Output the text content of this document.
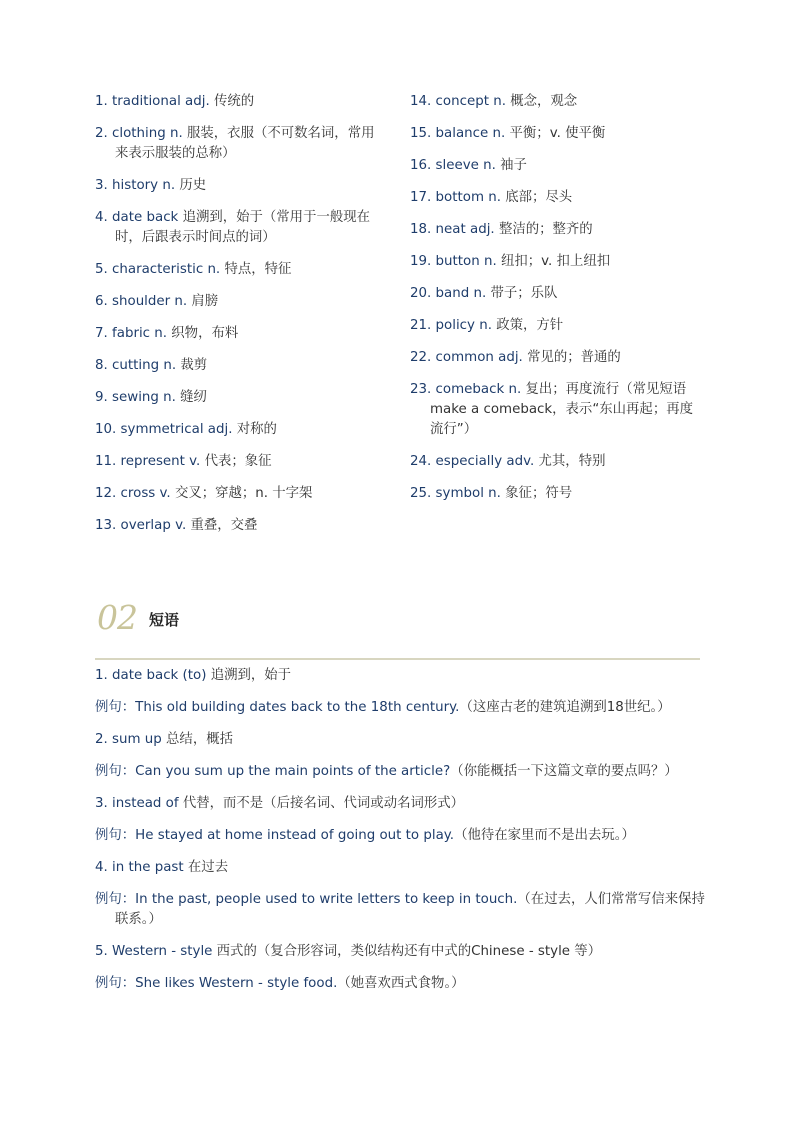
1. traditional adj. 传统的
2. clothing n. 服装，衣服（不可数名词，常用来表示服装的总称）
3. history n. 历史
4. date back 追溯到，始于（常用于一般现在时，后跟表示时间点的词）
5. characteristic n. 特点，特征
6. shoulder n. 肩膀
7. fabric n. 织物，布料
8. cutting n. 裁剪
9. sewing n. 缝纫
10. symmetrical adj. 对称的
11. represent v. 代表；象征
12. cross v. 交叉；穿越；n. 十字架
13. overlap v. 重叠，交叠
14. concept n. 概念，观念
15. balance n. 平衡；v. 使平衡
16. sleeve n. 袖子
17. bottom n. 底部；尽头
18. neat adj. 整洁的；整齐的
19. button n. 纽扣；v. 扣上纽扣
20. band n. 带子；乐队
21. policy n. 政策，方针
22. common adj. 常见的；普通的
23. comeback n. 复出；再度流行（常见短语 make a comeback，表示“东山再起；再度流行”）
24. especially adv. 尤其，特别
25. symbol n. 象征；符号
02 短语
1. date back (to) 追溯到，始于
例句：This old building dates back to the 18th century.（这座古老的建筑追溯到18世纪。）
2. sum up 总结，概括
例句：Can you sum up the main points of the article?（你能概括一下这篇文章的要点吗？）
3. instead of 代替，而不是（后接名词、代词或动名词形式）
例句：He stayed at home instead of going out to play.（他待在家里而不是出去玩。）
4. in the past 在过去
例句：In the past, people used to write letters to keep in touch.（在过去，人们常常写信来保持联系。）
5. Western - style 西式的（复合形容词，类似结构还有中式的Chinese - style 等）
例句：She likes Western - style food.（她喜欢西式食物。）
